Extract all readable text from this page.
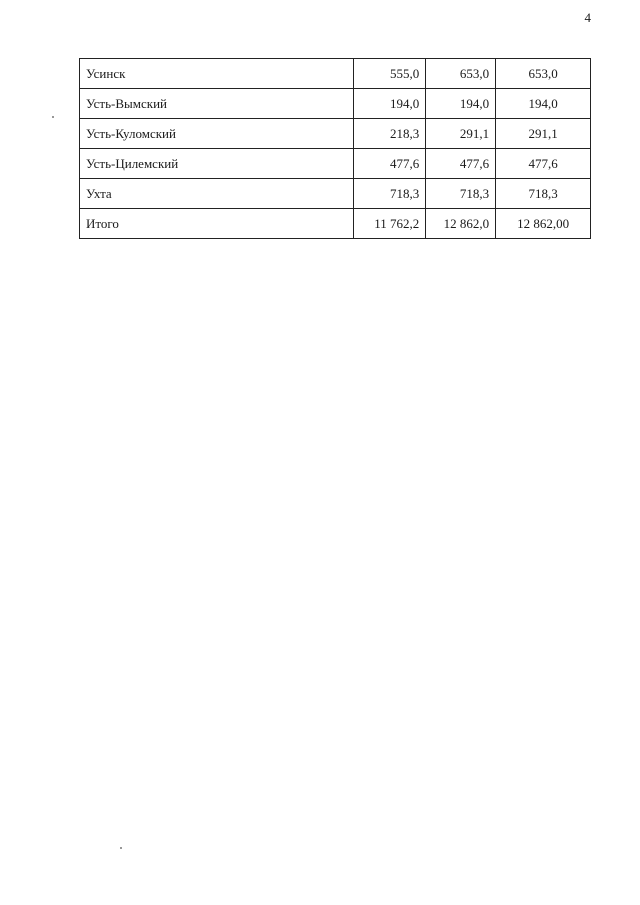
4
Усинск	555,0	653,0	653,0
Усть-Вымский	194,0	194,0	194,0
Усть-Куломский	218,3	291,1	291,1
Усть-Цилемский	477,6	477,6	477,6
Ухта	718,3	718,3	718,3
Итого	11 762,2	12 862,0	12 862,00
